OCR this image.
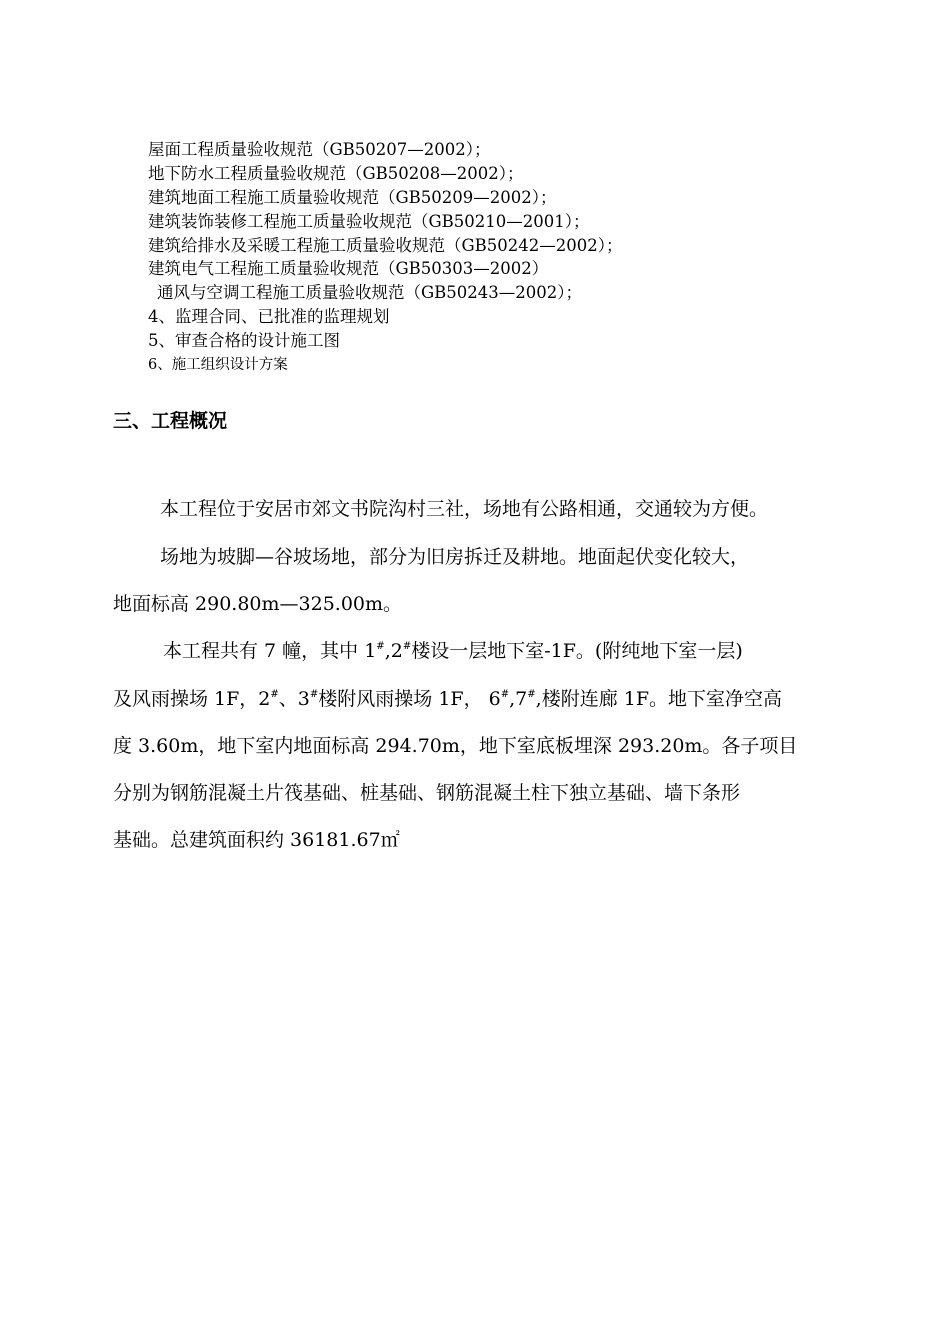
屋面工程质量验收规范（GB50207—2002）；
地下防水工程质量验收规范（GB50208—2002）；
建筑地面工程施工质量验收规范（GB50209—2002）；
建筑装饰装修工程施工质量验收规范（GB50210—2001）；
建筑给排水及采暖工程施工质量验收规范（GB50242—2002）；
建筑电气工程施工质量验收规范（GB50303—2002）
通风与空调工程施工质量验收规范（GB50243—2002）；
4、监理合同、已批准的监理规划
5、审查合格的设计施工图
6、施工组织设计方案
三、工程概况
本工程位于安居市郊文书院沟村三社，场地有公路相通，交通较为方便。
场地为坡脚—谷坡场地，部分为旧房拆迁及耕地。地面起伏变化较大，
地面标高 290.80m—325.00m。
本工程共有 7 幢，其中 1#,2#楼设一层地下室-1F。(附纯地下室一层)
及风雨操场 1F，2#、3#楼附风雨操场 1F， 6#,7#,楼附连廊 1F。地下室净空高
度 3.60m，地下室内地面标高 294.70m，地下室底板埋深 293.20m。各子项目
分别为钢筋混凝土片筏基础、桩基础、钢筋混凝土柱下独立基础、墙下条形
基础。总建筑面积约 36181.67㎡
